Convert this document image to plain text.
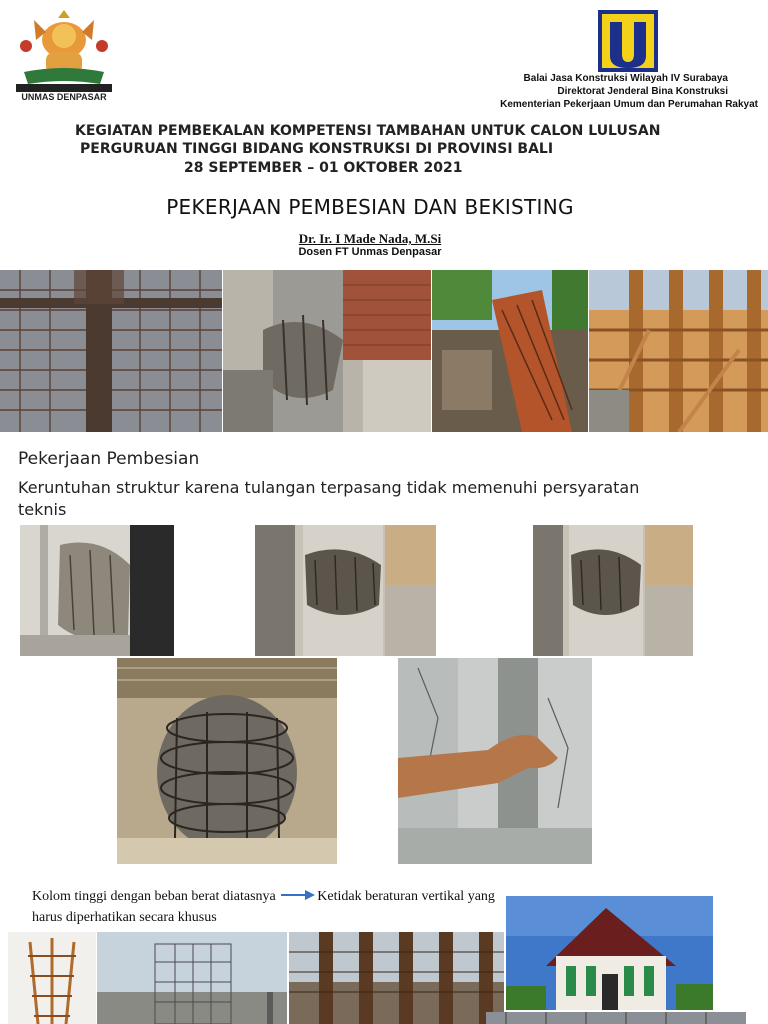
UNMAS DENPASAR
Balai Jasa Konstruksi Wilayah IV Surabaya
Direktorat Jenderal Bina Konstruksi
Kementerian Pekerjaan Umum dan Perumahan Rakyat
KEGIATAN PEMBEKALAN KOMPETENSI TAMBAHAN UNTUK CALON LULUSAN
PERGURUAN TINGGI BIDANG KONSTRUKSI DI PROVINSI BALI
28 SEPTEMBER – 01 OKTOBER 2021
PEKERJAAN PEMBESIAN DAN BEKISTING
Dr. Ir. I Made Nada, M.Si
Dosen FT Unmas Denpasar
Pekerjaan Pembesian
Keruntuhan struktur karena tulangan terpasang tidak memenuhi persyaratan teknis
Kolom tinggi dengan beban berat diatasnya	Ketidak beraturan vertikal yang harus diperhatikan secara khusus
